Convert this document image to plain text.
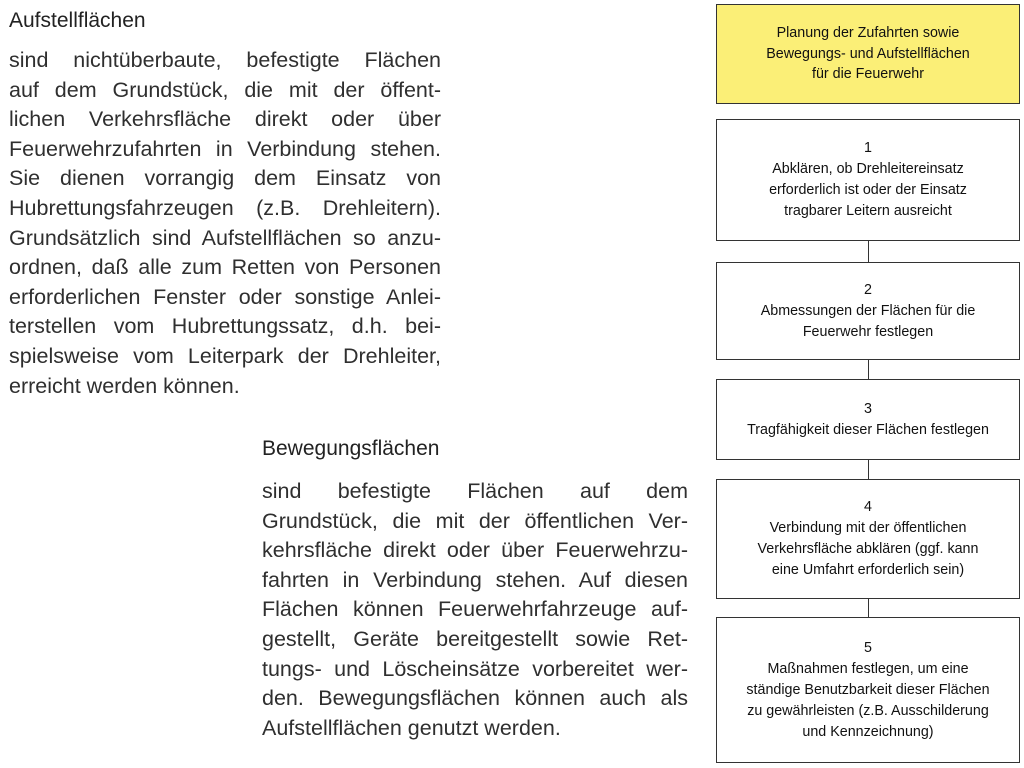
Aufstellflächen

sind nichtüberbaute, befestigte Flächen
auf dem Grundstück, die mit der öffent-
lichen Verkehrsfläche direkt oder über
Feuerwehrzufahrten in Verbindung stehen.
Sie dienen vorrangig dem Einsatz von
Hubrettungsfahrzeugen (z.B. Drehleitern).
Grundsätzlich sind Aufstellflächen so anzu-
ordnen, daß alle zum Retten von Personen
erforderlichen Fenster oder sonstige Anlei-
terstellen vom Hubrettungssatz, d.h. bei-
spielsweise vom Leiterpark der Drehleiter,
erreicht werden können.

Bewegungsflächen

sind befestigte Flächen auf dem
Grundstück, die mit der öffentlichen Ver-
kehrsfläche direkt oder über Feuerwehrzu-
fahrten in Verbindung stehen. Auf diesen
Flächen können Feuerwehrfahrzeuge auf-
gestellt, Geräte bereitgestellt sowie Ret-
tungs- und Löscheinsätze vorbereitet wer-
den. Bewegungsflächen können auch als
Aufstellflächen genutzt werden.

Planung der Zufahrten sowie
Bewegungs- und Aufstellflächen
für die Feuerwehr
1
Abklären, ob Drehleitereinsatz
erforderlich ist oder der Einsatz
tragbarer Leitern ausreicht
2
Abmessungen der Flächen für die
Feuerwehr festlegen
3
Tragfähigkeit dieser Flächen festlegen
4
Verbindung mit der öffentlichen
Verkehrsfläche abklären (ggf. kann
eine Umfahrt erforderlich sein)
5
Maßnahmen festlegen, um eine
ständige Benutzbarkeit dieser Flächen
zu gewährleisten (z.B. Ausschilderung
und Kennzeichnung)
